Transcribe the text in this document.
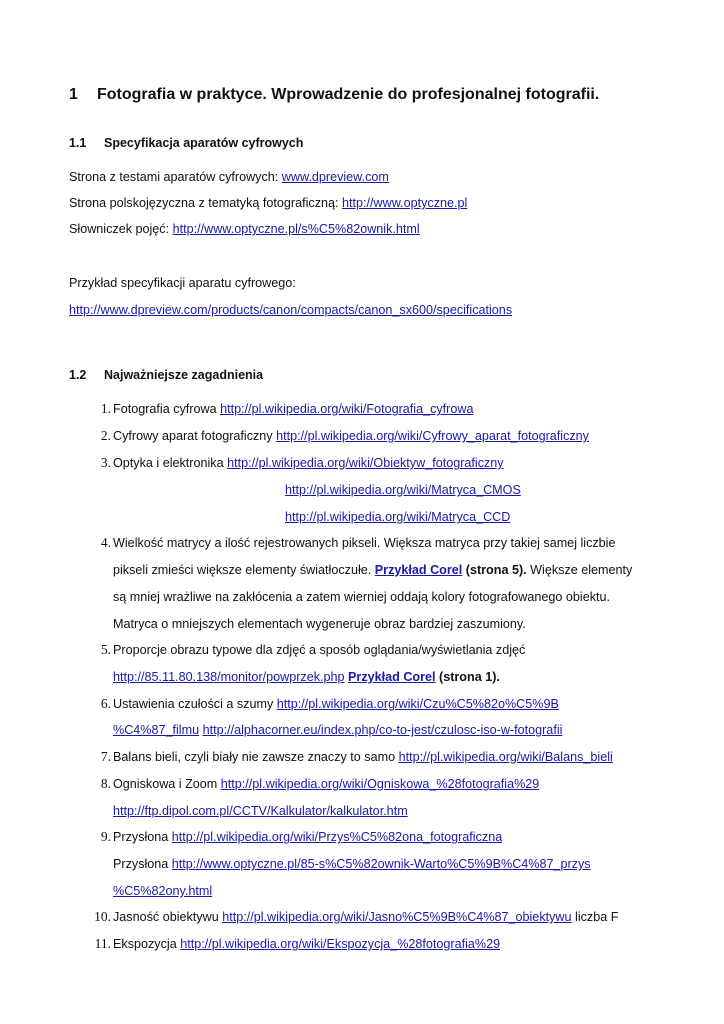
1 Fotografia w praktyce. Wprowadzenie do profesjonalnej fotografii.
1.1 Specyfikacja aparatów cyfrowych
Strona z testami aparatów cyfrowych: www.dpreview.com
Strona polskojęzyczna z tematyką fotograficzną: http://www.optyczne.pl
Słowniczek pojęć: http://www.optyczne.pl/s%C5%82ownik.html
Przykład specyfikacji aparatu cyfrowego:
http://www.dpreview.com/products/canon/compacts/canon_sx600/specifications
1.2 Najważniejsze zagadnienia
1. Fotografia cyfrowa http://pl.wikipedia.org/wiki/Fotografia_cyfrowa
2. Cyfrowy aparat fotograficzny http://pl.wikipedia.org/wiki/Cyfrowy_aparat_fotograficzny
3. Optyka i elektronika http://pl.wikipedia.org/wiki/Obiektyw_fotograficzny
http://pl.wikipedia.org/wiki/Matryca_CMOS
http://pl.wikipedia.org/wiki/Matryca_CCD
4. Wielkość matrycy a ilość rejestrowanych pikseli. Większa matryca przy takiej samej liczbie
pikseli zmieści większe elementy światłoczułe. Przykład Corel (strona 5). Większe elementy
są mniej wrażliwe na zakłócenia a zatem wierniej oddają kolory fotografowanego obiektu.
Matryca o mniejszych elementach wygeneruje obraz bardziej zaszumiony.
5. Proporcje obrazu typowe dla zdjęć a sposób oglądania/wyświetlania zdjęć
http://85.11.80.138/monitor/powprzek.php Przykład Corel (strona 1).
6. Ustawienia czułości a szumy http://pl.wikipedia.org/wiki/Czu%C5%82o%C5%9B
%C4%87_filmu http://alphacorner.eu/index.php/co-to-jest/czulosc-iso-w-fotografii
7. Balans bieli, czyli biały nie zawsze znaczy to samo http://pl.wikipedia.org/wiki/Balans_bieli
8. Ogniskowa i Zoom http://pl.wikipedia.org/wiki/Ogniskowa_%28fotografia%29
http://ftp.dipol.com.pl/CCTV/Kalkulator/kalkulator.htm
9. Przysłona http://pl.wikipedia.org/wiki/Przys%C5%82ona_fotograficzna
Przysłona http://www.optyczne.pl/85-s%C5%82ownik-Warto%C5%9B%C4%87_przys
%C5%82ony.html
10. Jasność obiektywu http://pl.wikipedia.org/wiki/Jasno%C5%9B%C4%87_obiektywu liczba F
11. Ekspozycja http://pl.wikipedia.org/wiki/Ekspozycja_%28fotografia%29
